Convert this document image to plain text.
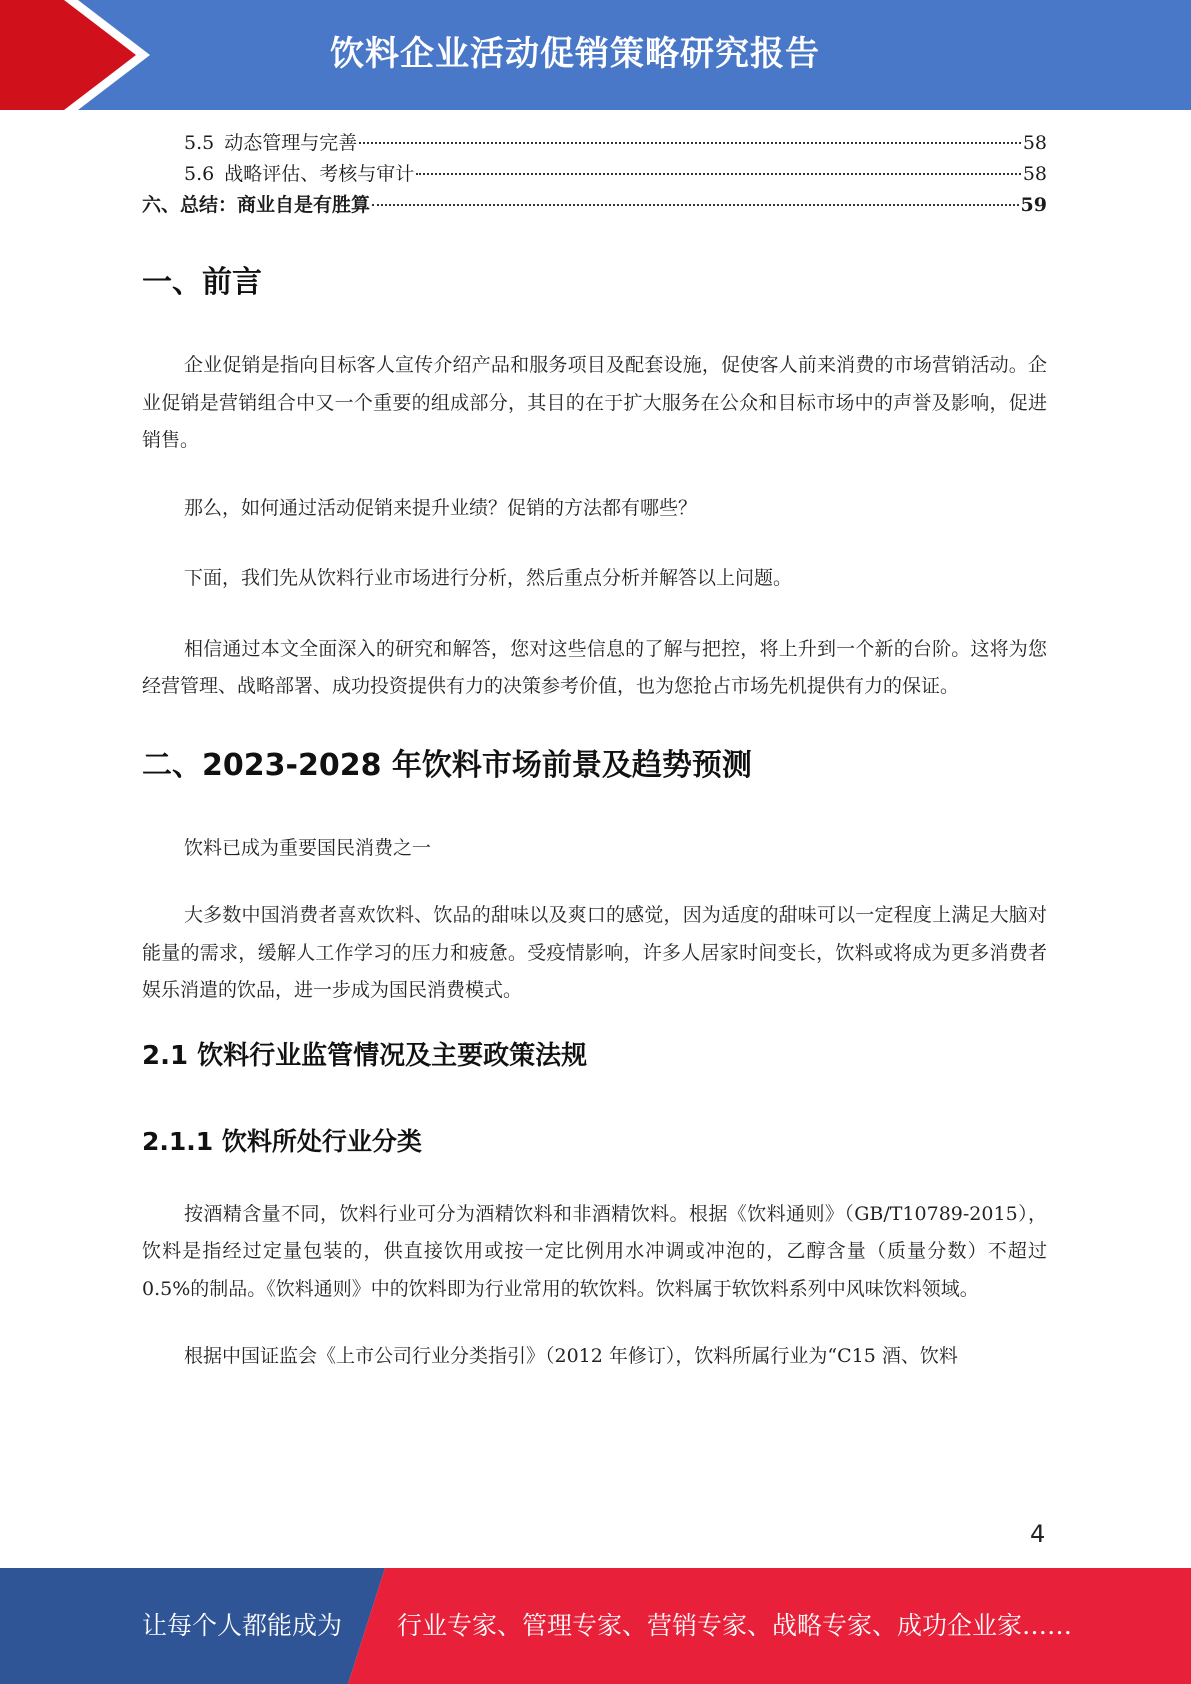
饮料企业活动促销策略研究报告
5.5 动态管理与完善	58
5.6 战略评估、考核与审计	58
六、总结：商业自是有胜算	59
一、前言

企业促销是指向目标客人宣传介绍产品和服务项目及配套设施，促使客人前来消费的市场营销活动。企业促销是营销组合中又一个重要的组成部分，其目的在于扩大服务在公众和目标市场中的声誉及影响，促进销售。

那么，如何通过活动促销来提升业绩？促销的方法都有哪些？

下面，我们先从饮料行业市场进行分析，然后重点分析并解答以上问题。

相信通过本文全面深入的研究和解答，您对这些信息的了解与把控，将上升到一个新的台阶。这将为您经营管理、战略部署、成功投资提供有力的决策参考价值，也为您抢占市场先机提供有力的保证。

二、2023-2028 年饮料市场前景及趋势预测

饮料已成为重要国民消费之一

大多数中国消费者喜欢饮料、饮品的甜味以及爽口的感觉，因为适度的甜味可以一定程度上满足大脑对能量的需求，缓解人工作学习的压力和疲惫。受疫情影响，许多人居家时间变长，饮料或将成为更多消费者娱乐消遣的饮品，进一步成为国民消费模式。

2.1 饮料行业监管情况及主要政策法规
2.1.1 饮料所处行业分类

按酒精含量不同，饮料行业可分为酒精饮料和非酒精饮料。根据《饮料通则》（GB/T10789-2015），饮料是指经过定量包装的，供直接饮用或按一定比例用水冲调或冲泡的，乙醇含量（质量分数）不超过 0.5%的制品。《饮料通则》中的饮料即为行业常用的软饮料。饮料属于软饮料系列中风味饮料领域。

根据中国证监会《上市公司行业分类指引》（2012 年修订），饮料所属行业为“C15 酒、饮料

4
让每个人都能成为 行业专家、管理专家、营销专家、战略专家、成功企业家……
